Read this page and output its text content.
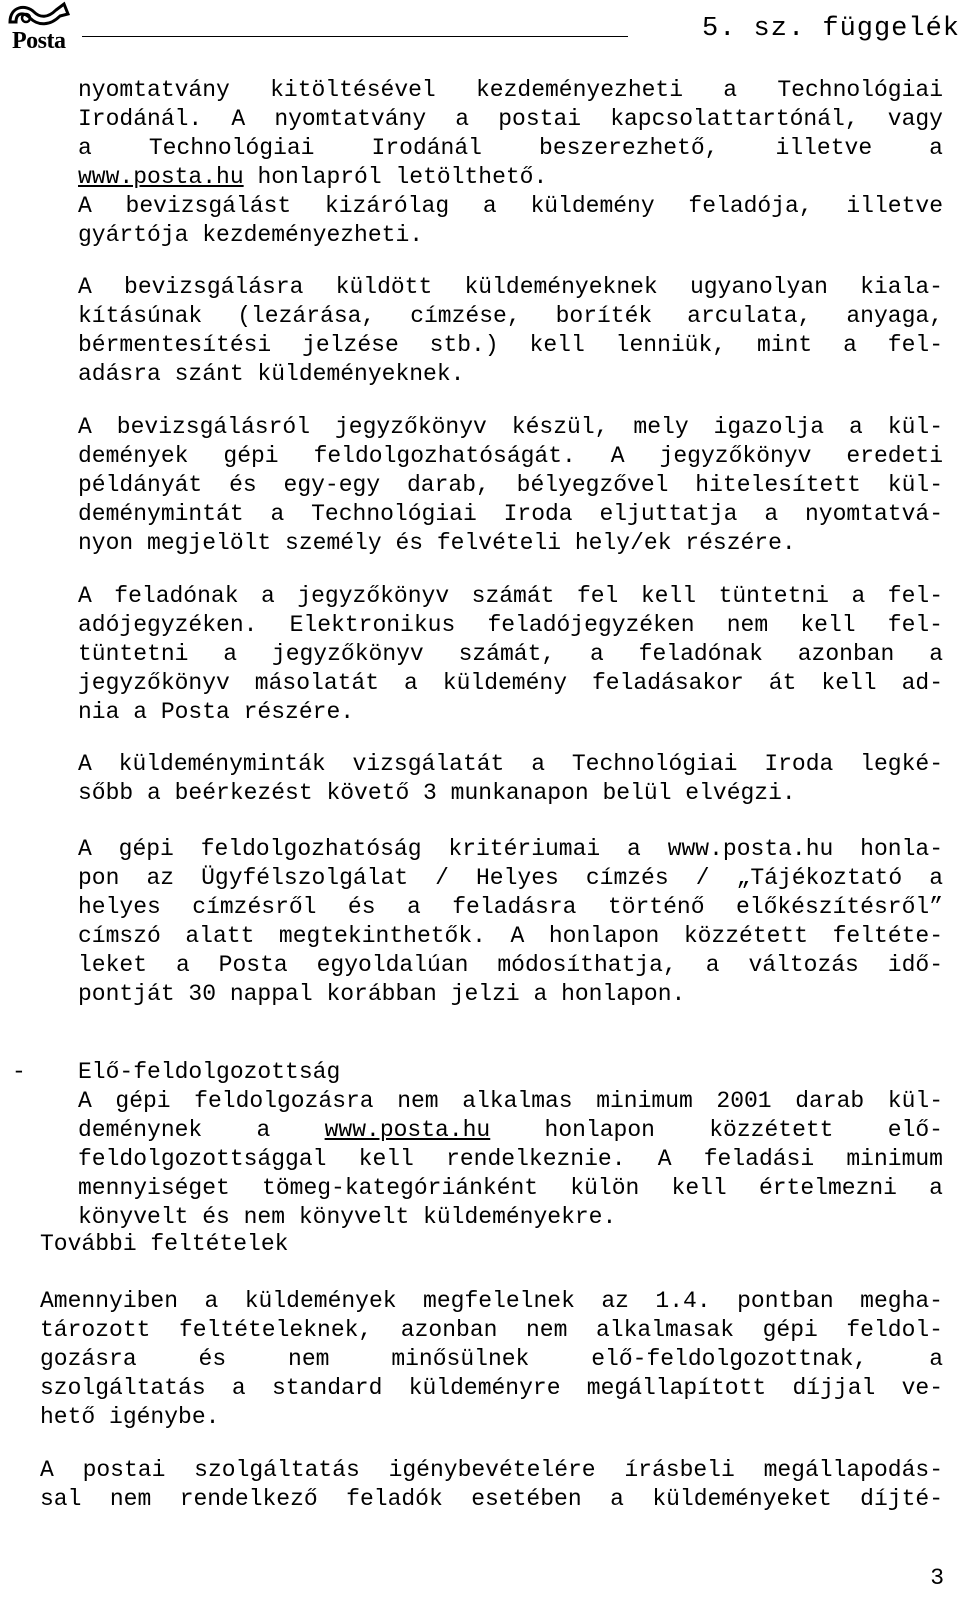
Posta	5. sz. függelék
nyomtatvány kitöltésével kezdeményezheti a Technológiai
Irodánál. A nyomtatvány a postai kapcsolattartónál, vagy
a Technológiai Irodánál beszerezhető, illetve a
www.posta.hu honlapról letölthető.
A bevizsgálást kizárólag a küldemény feladója, illetve
gyártója kezdeményezheti.
A bevizsgálásra küldött küldeményeknek ugyanolyan kiala-
kításúnak (lezárása, címzése, boríték arculata, anyaga,
bérmentesítési jelzése stb.) kell lenniük, mint a fel-
adásra szánt küldeményeknek.
A bevizsgálásról jegyzőkönyv készül, mely igazolja a kül-
demények gépi feldolgozhatóságát. A jegyzőkönyv eredeti
példányát és egy-egy darab, bélyegzővel hitelesített kül-
deménymintát a Technológiai Iroda eljuttatja a nyomtatvá-
nyon megjelölt személy és felvételi hely/ek részére.
A feladónak a jegyzőkönyv számát fel kell tüntetni a fel-
adójegyzéken. Elektronikus feladójegyzéken nem kell fel-
tüntetni a jegyzőkönyv számát, a feladónak azonban a
jegyzőkönyv másolatát a küldemény feladásakor át kell ad-
nia a Posta részére.
A küldeményminták vizsgálatát a Technológiai Iroda legké-
sőbb a beérkezést követő 3 munkanapon belül elvégzi.
A gépi feldolgozhatóság kritériumai a www.posta.hu honla-
pon az Ügyfélszolgálat / Helyes címzés / „Tájékoztató a
helyes címzésről és a feladásra történő előkészítésről”
címszó alatt megtekinthetők. A honlapon közzétett feltéte-
leket a Posta egyoldalúan módosíthatja, a változás idő-
pontját 30 nappal korábban jelzi a honlapon.
- Elő-feldolgozottság
A gépi feldolgozásra nem alkalmas minimum 2001 darab kül-
deménynek a www.posta.hu honlapon közzétett elő-
feldolgozottsággal kell rendelkeznie. A feladási minimum
mennyiséget tömeg-kategóriánként külön kell értelmezni a
könyvelt és nem könyvelt küldeményekre.
További feltételek
Amennyiben a küldemények megfelelnek az 1.4. pontban megha-
tározott feltételeknek, azonban nem alkalmasak gépi feldol-
gozásra és nem minősülnek elő-feldolgozottnak, a
szolgáltatás a standard küldeményre megállapított díjjal ve-
hető igénybe.
A postai szolgáltatás igénybevételére írásbeli megállapodás-
sal nem rendelkező feladók esetében a küldeményeket díjté-
3
